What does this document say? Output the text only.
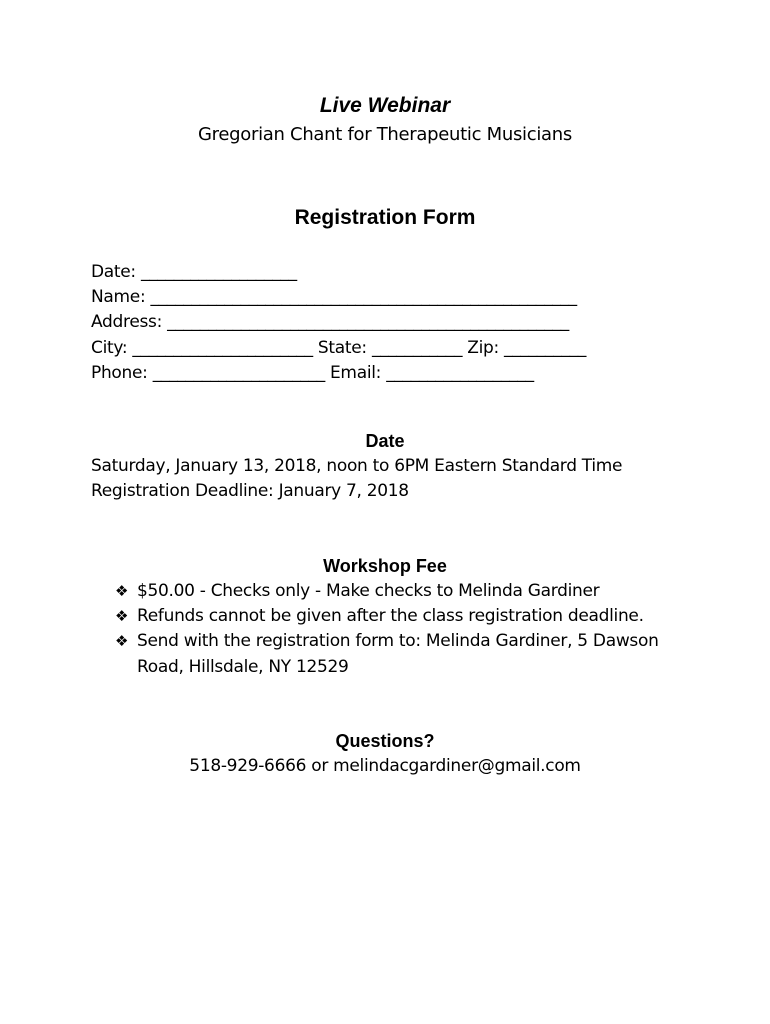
Live Webinar
Gregorian Chant for Therapeutic Musicians
Registration Form
Date: ___________________
Name: ____________________________________________________
Address: _________________________________________________
City: ______________________ State: ___________ Zip: __________
Phone: _____________________ Email: __________________
Date
Saturday, January 13, 2018, noon to 6PM Eastern Standard Time
Registration Deadline: January 7, 2018
Workshop Fee
❖ $50.00 - Checks only - Make checks to Melinda Gardiner
❖ Refunds cannot be given after the class registration deadline.
❖ Send with the registration form to: Melinda Gardiner, 5 Dawson
Road, Hillsdale, NY 12529
Questions?
518-929-6666 or melindacgardiner@gmail.com
